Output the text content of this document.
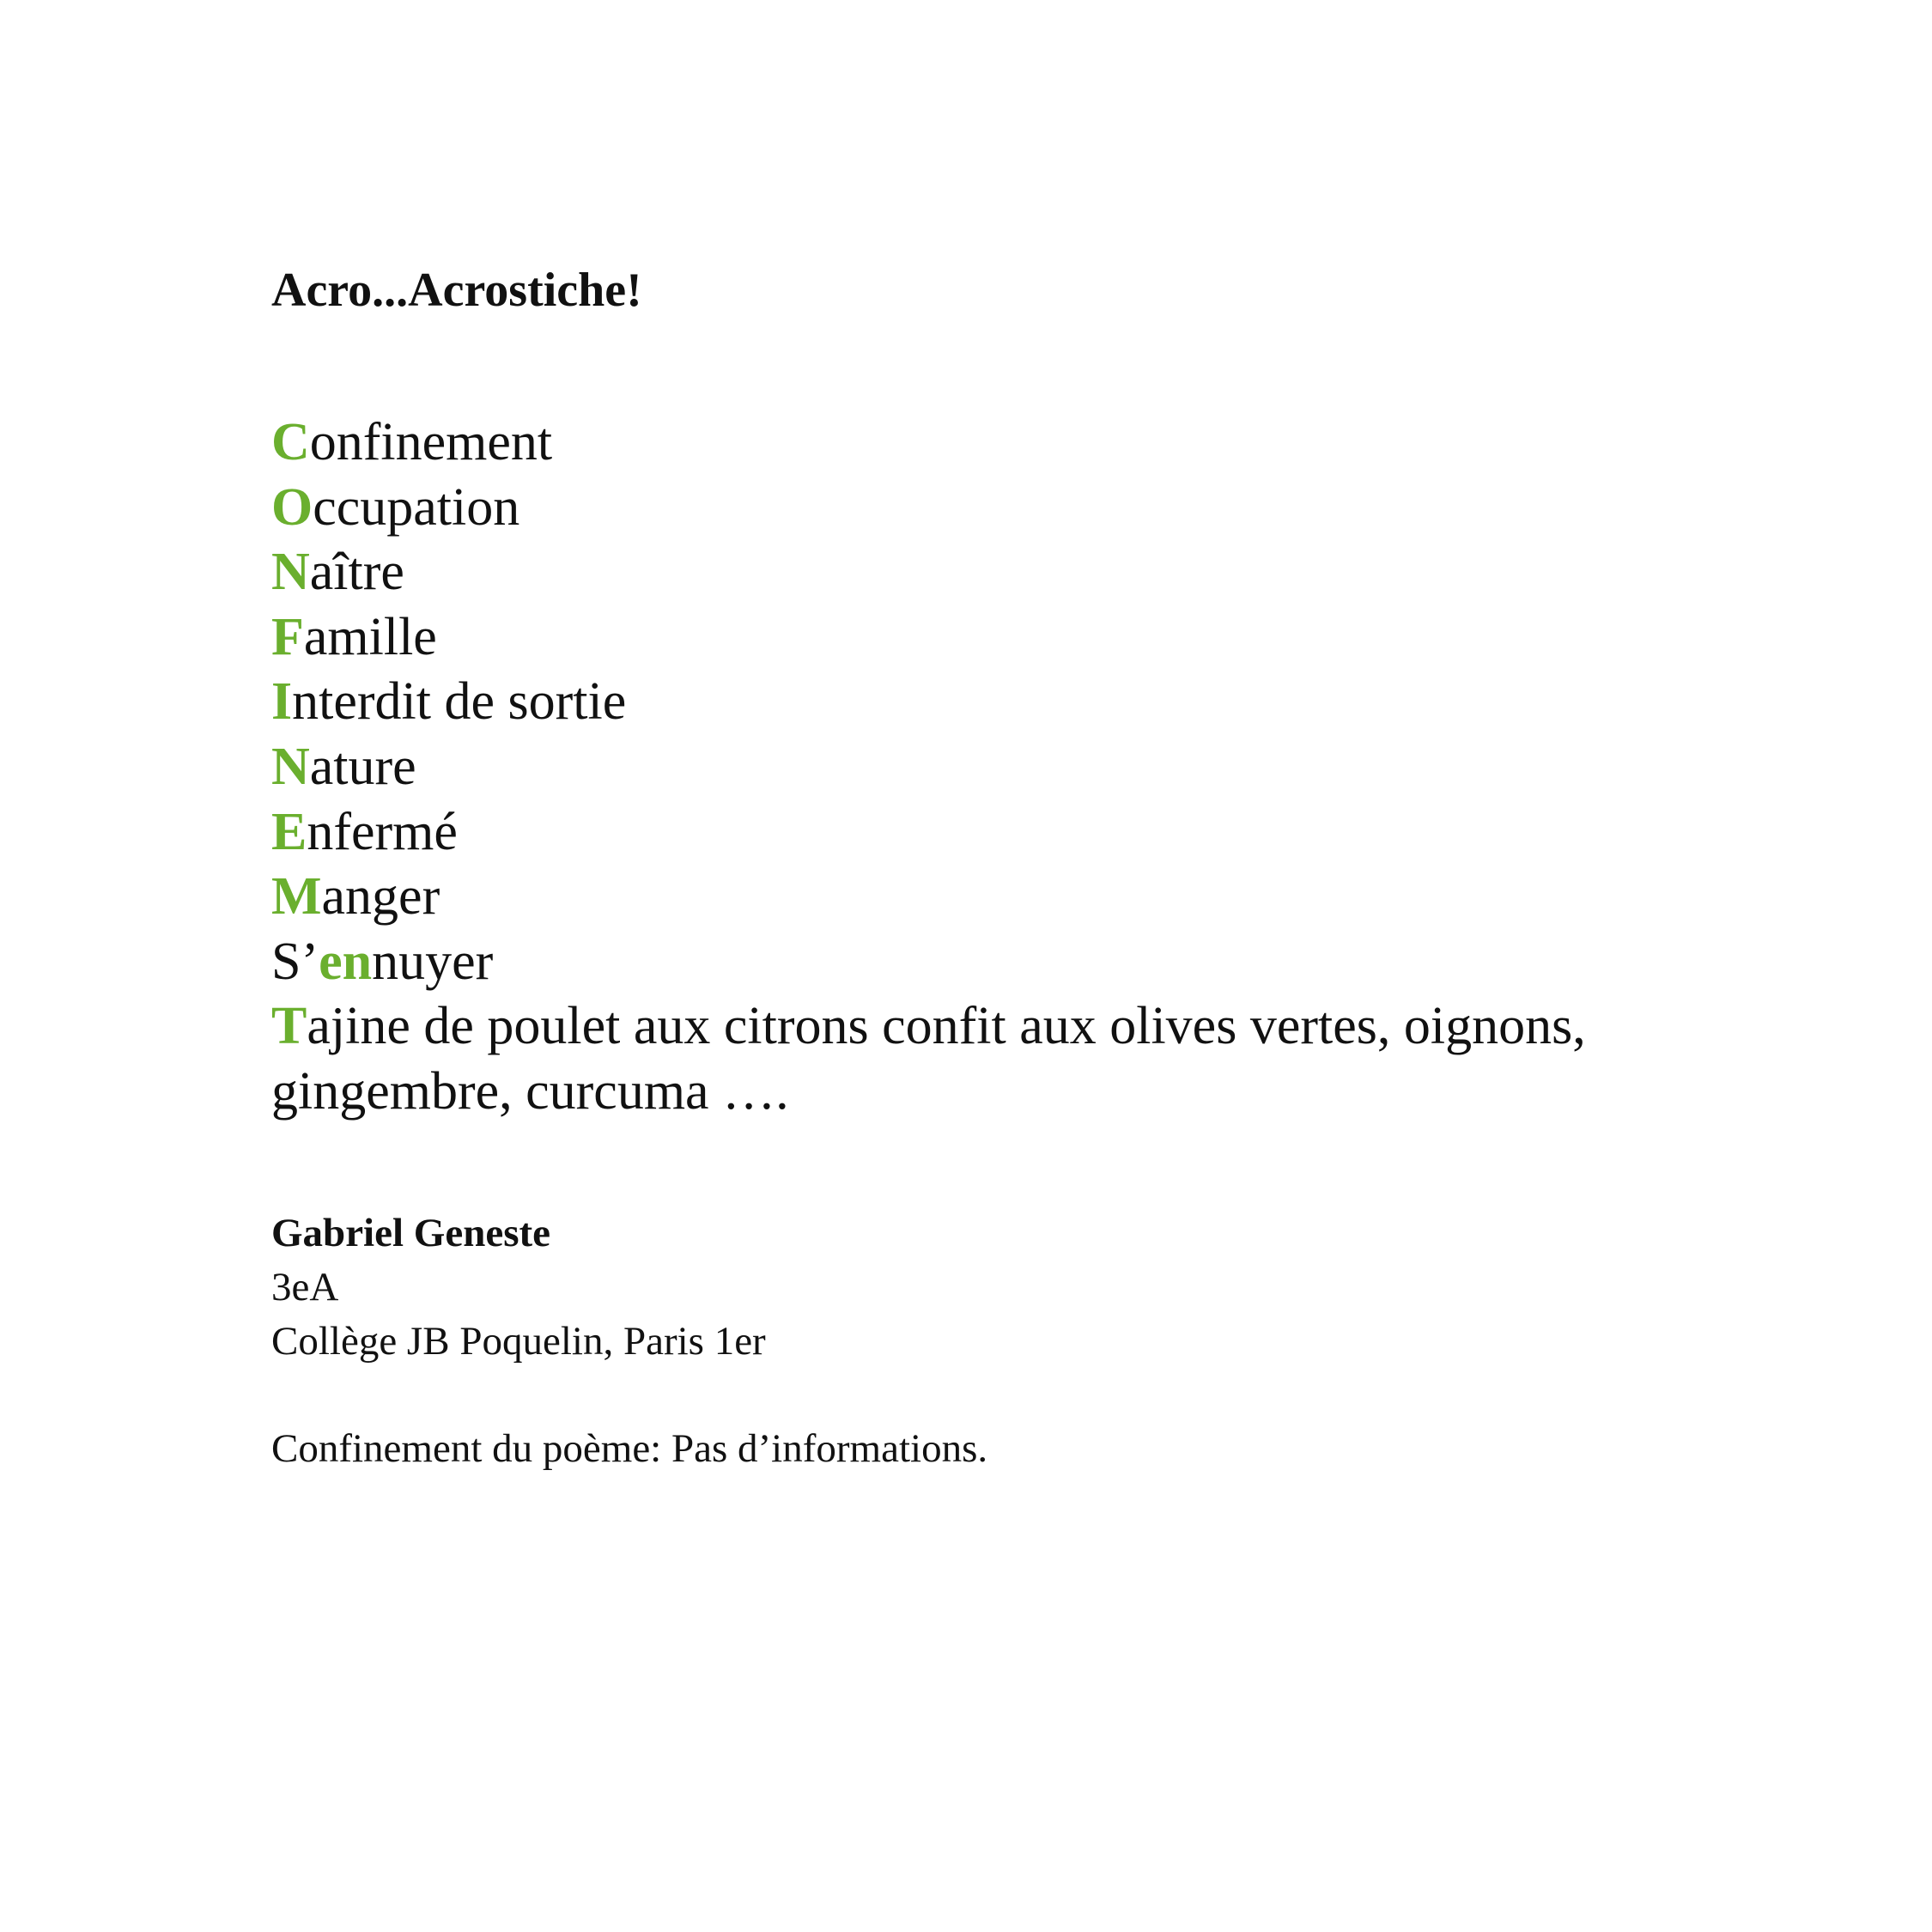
Acro...Acrostiche!
Confinement
Occupation
Naître
Famille
Interdit de sortie
Nature
Enfermé
Manger
S’ennuyer
Tajine de poulet aux citrons confit aux olives vertes, oignons, gingembre, curcuma ….
Gabriel Geneste
3eA
Collège JB Poquelin, Paris 1er
Confinement du poème: Pas d’informations.
